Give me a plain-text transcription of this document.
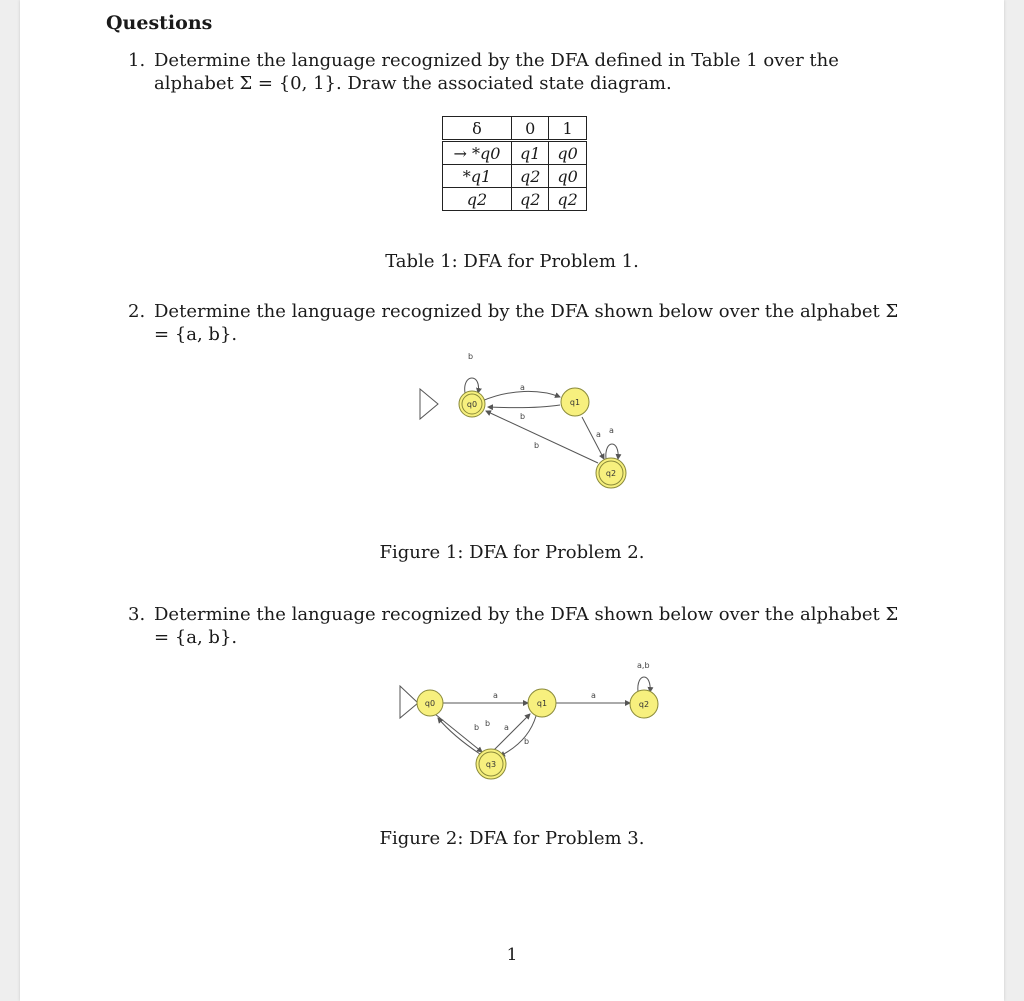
Questions
1. Determine the language recognized by the DFA defined in Table 1 over the alphabet Σ = {0, 1}. Draw the associated state diagram.
δ	0	1
→ *q0	q1	q0
*q1	q2	q0
q2	q2	q2
Table 1: DFA for Problem 1.
2. Determine the language recognized by the DFA shown below over the alphabet Σ = {a, b}.
b
a
b
b
a a
q0	q1
q2
Figure 1: DFA for Problem 2.
3. Determine the language recognized by the DFA shown below over the alphabet Σ = {a, b}.
a	a
a,b
b b a
b
q0	q1	q2
q3
Figure 2: DFA for Problem 3.
1
